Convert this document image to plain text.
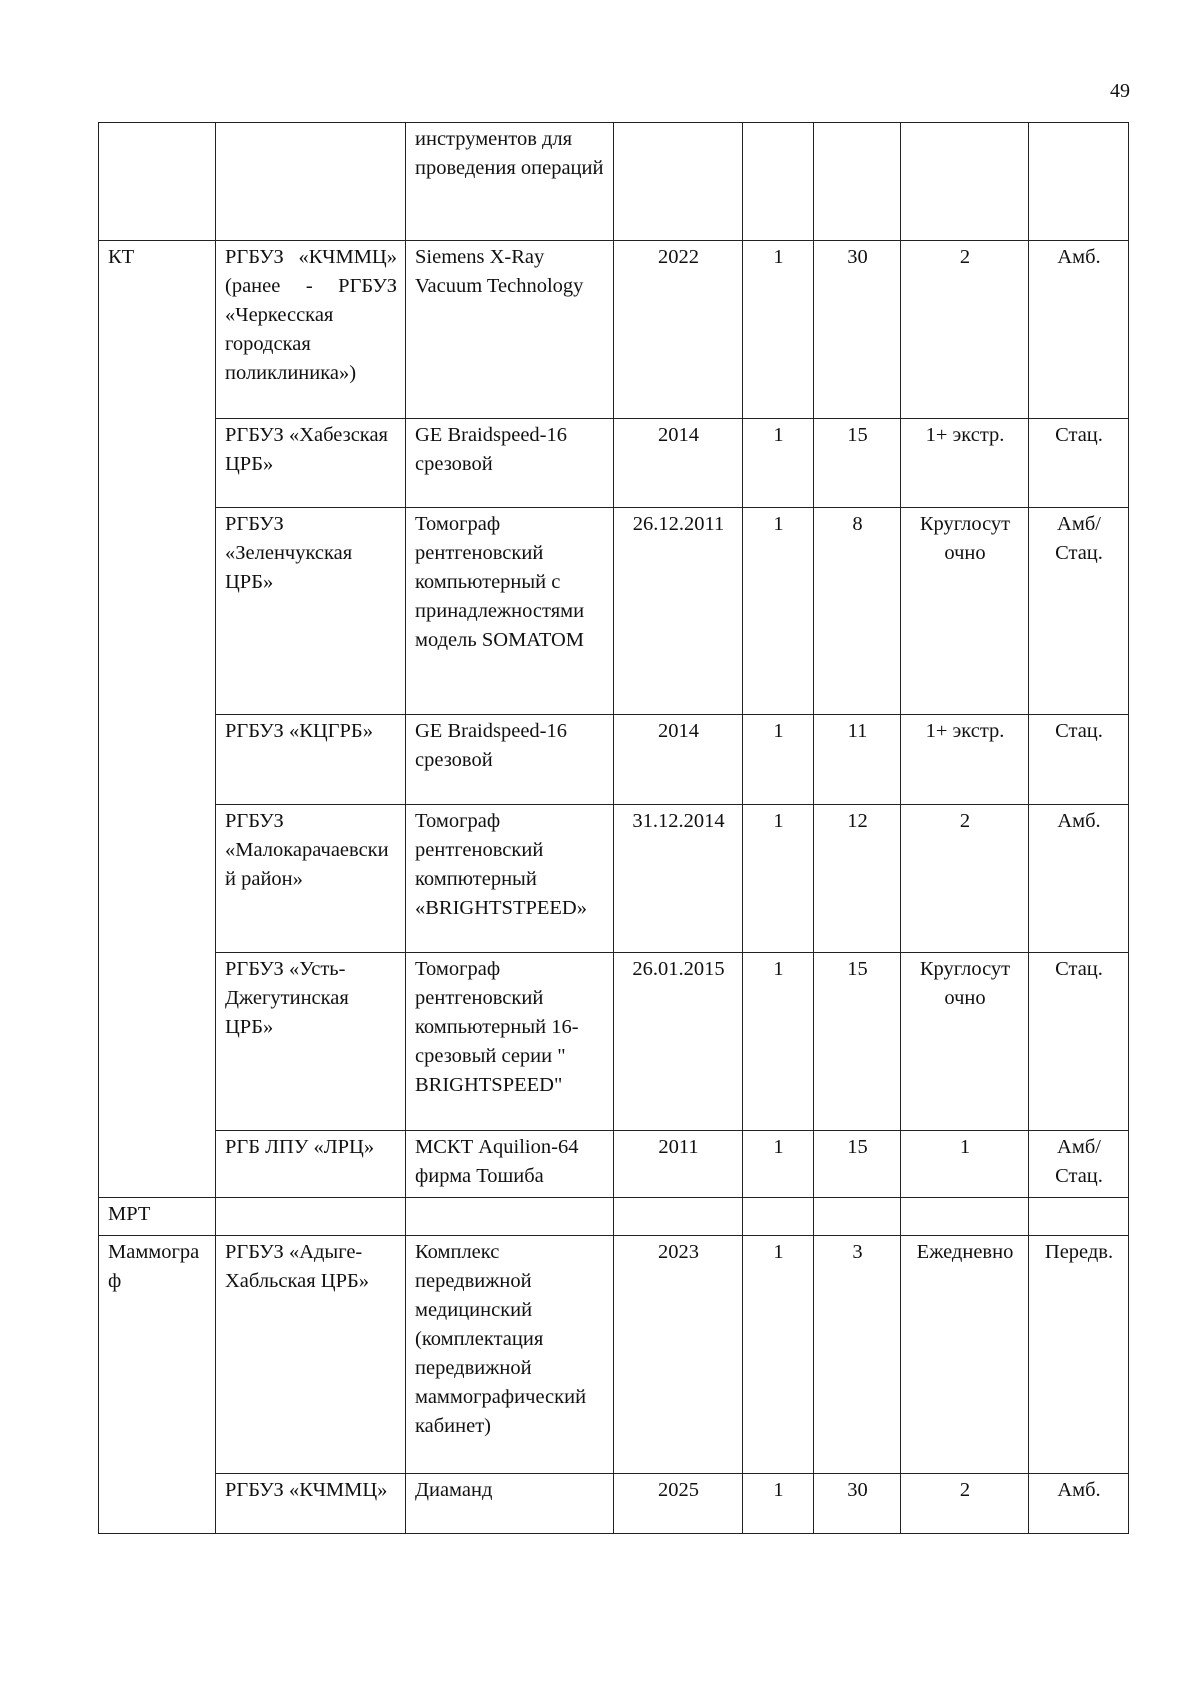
49
		инструментов для проведения операций					
КТ	РГБУЗ «КЧММЦ» (ранее - РГБУЗ «Черкесская городская поликлиника»)	Siemens X-Ray Vacuum Technology	2022	1	30	2	Амб.
	РГБУЗ «Хабезская ЦРБ»	GE Braidspeed-16 срезовой	2014	1	15	1+ экстр.	Стац.
	РГБУЗ «Зеленчукская ЦРБ»	Томограф рентгеновский компьютерный с принадлежностями модель SOMATOM	26.12.2011	1	8	Круглосут очно	Амб/Стац.
	РГБУЗ «КЦГРБ»	GE Braidspeed-16 срезовой	2014	1	11	1+ экстр.	Стац.
	РГБУЗ «Малокарачаевский район»	Томограф рентгеновский компютерный «BRIGHTSTPEED»	31.12.2014	1	12	2	Амб.
	РГБУЗ «Усть-Джегутинская ЦРБ»	Томограф рентгеновский компьютерный 16-срезовый серии " BRIGHTSPEED"	26.01.2015	1	15	Круглосут очно	Стац.
	РГБ ЛПУ «ЛРЦ»	МСКТ Aquilion-64 фирма Тошиба	2011	1	15	1	Амб/Стац.
МРТ							
Маммограф	РГБУЗ «Адыге-Хабльская ЦРБ»	Комплекс передвижной медицинский (комплектация передвижной маммографический кабинет)	2023	1	3	Ежедневно	Передв.
	РГБУЗ «КЧММЦ»	Диаманд	2025	1	30	2	Амб.
